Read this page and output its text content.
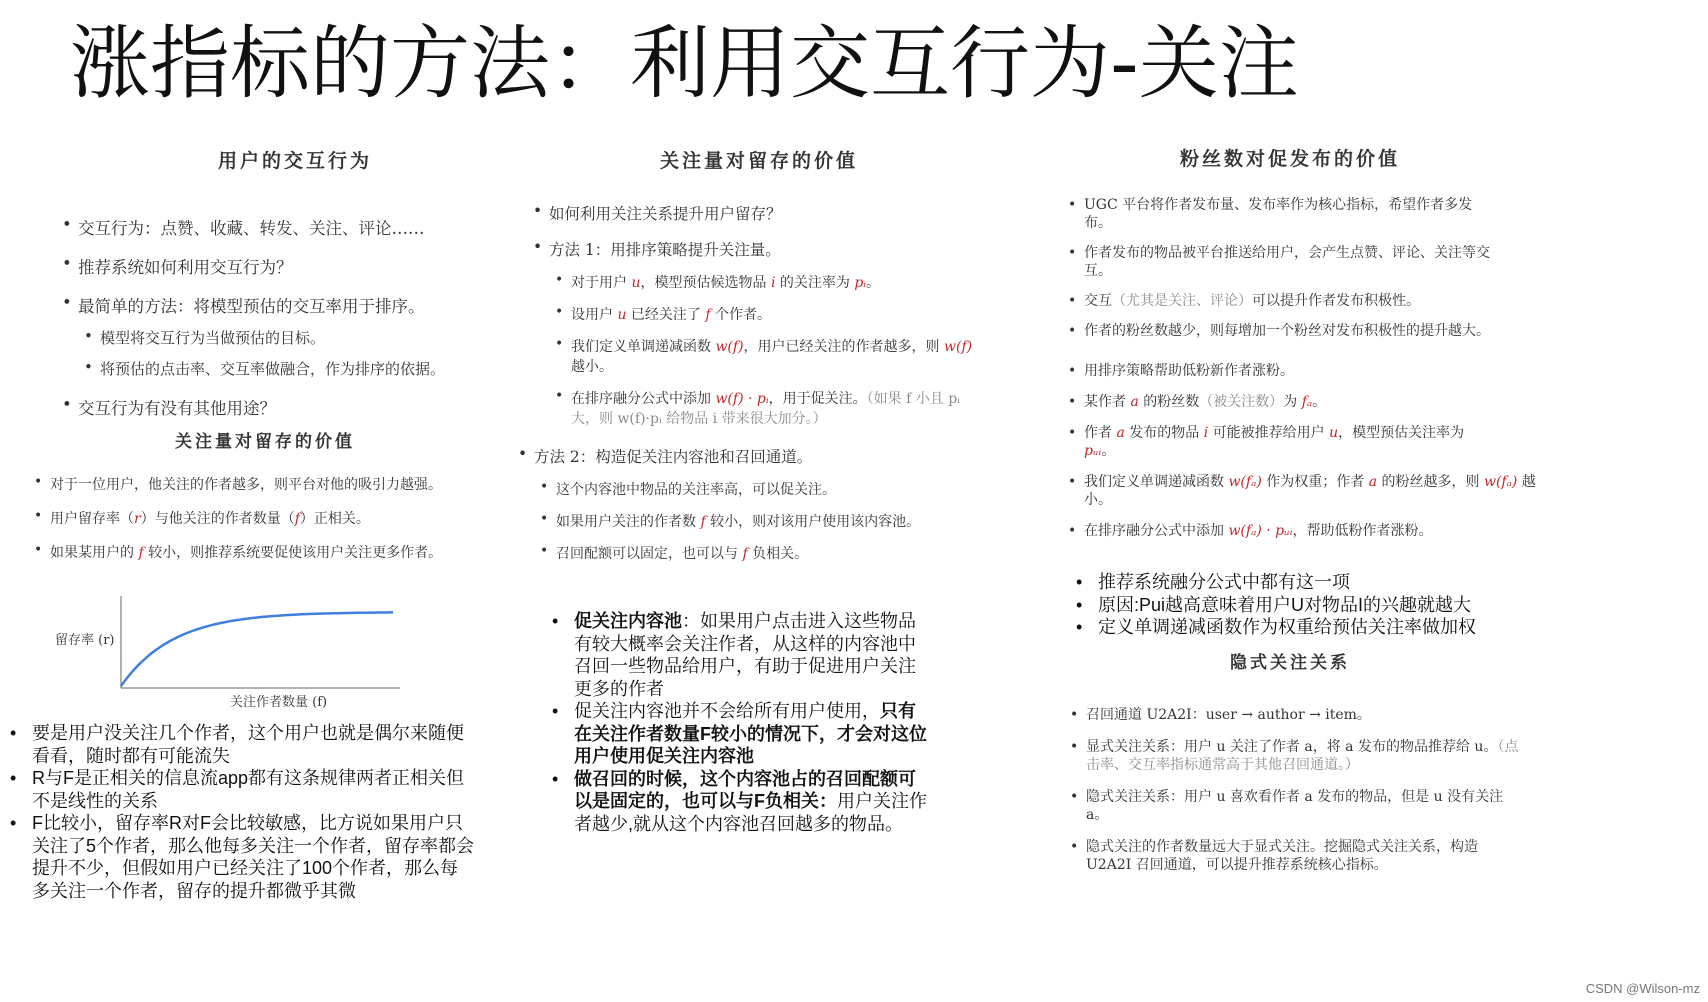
涨指标的方法：利用交互行为-关注
用户的交互行为
• 交互行为：点赞、收藏、转发、关注、评论……
• 推荐系统如何利用交互行为？
• 最简单的方法：将模型预估的交互率用于排序。
• 模型将交互行为当做预估的目标。
• 将预估的点击率、交互率做融合，作为排序的依据。
• 交互行为有没有其他用途？
关注量对留存的价值
• 对于一位用户，他关注的作者越多，则平台对他的吸引力越强。
• 用户留存率（r）与他关注的作者数量（f）正相关。
• 如果某用户的 f 较小，则推荐系统要促使该用户关注更多作者。
留存率 (r)
关注作者数量 (f)
• 要是用户没关注几个作者，这个用户也就是偶尔来随便看看，随时都有可能流失
• R与F是正相关的信息流app都有这条规律两者正相关但不是线性的关系
• F比较小，留存率R对F会比较敏感，比方说如果用户只关注了5个作者，那么他每多关注一个作者，留存率都会提升不少，但假如用户已经关注了100个作者，那么每多关注一个作者，留存的提升都微乎其微
关注量对留存的价值
• 如何利用关注关系提升用户留存？
• 方法 1：用排序策略提升关注量。
• 对于用户 u，模型预估候选物品 i 的关注率为 pᵢ。
• 设用户 u 已经关注了 f 个作者。
• 我们定义单调递减函数 w(f)，用户已经关注的作者越多，则 w(f) 越小。
• 在排序融分公式中添加 w(f) · pᵢ，用于促关注。（如果 f 小且 pᵢ 大，则 w(f)·pᵢ 给物品 i 带来很大加分。）
• 方法 2：构造促关注内容池和召回通道。
• 这个内容池中物品的关注率高，可以促关注。
• 如果用户关注的作者数 f 较小，则对该用户使用该内容池。
• 召回配额可以固定，也可以与 f 负相关。
• 促关注内容池：如果用户点击进入这些物品有较大概率会关注作者，从这样的内容池中召回一些物品给用户，有助于促进用户关注更多的作者
• 促关注内容池并不会给所有用户使用，只有在关注作者数量F较小的情况下，才会对这位用户使用促关注内容池
• 做召回的时候，这个内容池占的召回配额可以是固定的，也可以与F负相关：用户关注作者越少,就从这个内容池召回越多的物品。
粉丝数对促发布的价值
• UGC 平台将作者发布量、发布率作为核心指标，希望作者多发布。
• 作者发布的物品被平台推送给用户，会产生点赞、评论、关注等交互。
• 交互（尤其是关注、评论）可以提升作者发布积极性。
• 作者的粉丝数越少，则每增加一个粉丝对发布积极性的提升越大。
• 用排序策略帮助低粉新作者涨粉。
• 某作者 a 的粉丝数（被关注数）为 fₐ。
• 作者 a 发布的物品 i 可能被推荐给用户 u，模型预估关注率为 pᵤᵢ。
• 我们定义单调递减函数 w(fₐ) 作为权重；作者 a 的粉丝越多，则 w(fₐ) 越小。
• 在排序融分公式中添加 w(fₐ) · pᵤᵢ，帮助低粉作者涨粉。
• 推荐系统融分公式中都有这一项
• 原因:Pui越高意味着用户U对物品I的兴趣就越大
• 定义单调递减函数作为权重给预估关注率做加权
隐式关注关系
• 召回通道 U2A2I：user → author → item。
• 显式关注关系：用户 u 关注了作者 a，将 a 发布的物品推荐给 u。（点击率、交互率指标通常高于其他召回通道。）
• 隐式关注关系：用户 u 喜欢看作者 a 发布的物品，但是 u 没有关注 a。
• 隐式关注的作者数量远大于显式关注。挖掘隐式关注关系，构造 U2A2I 召回通道，可以提升推荐系统核心指标。
CSDN @Wilson-mz
